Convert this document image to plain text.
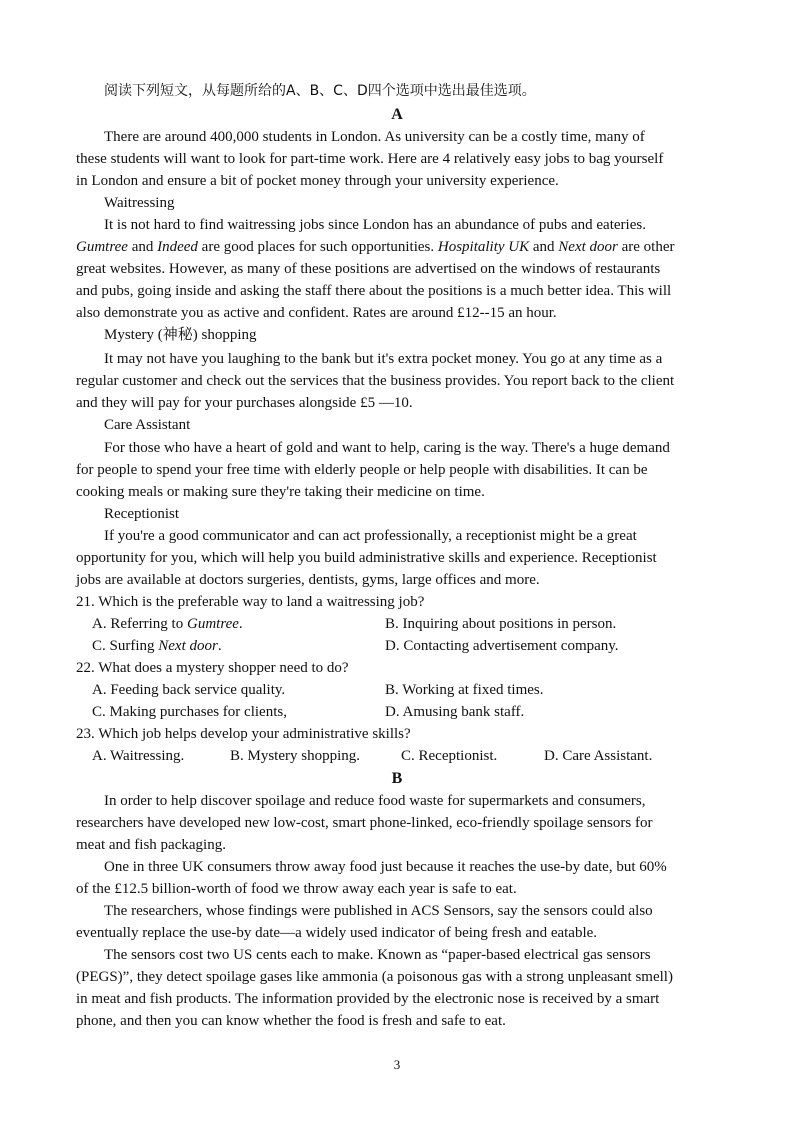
阅读下列短文，从每题所给的A、B、C、D四个选项中选出最佳选项。
A
There are around 400,000 students in London. As university can be a costly time, many of
these students will want to look for part-time work. Here are 4 relatively easy jobs to bag yourself
in London and ensure a bit of pocket money through your university experience.
Waitressing
It is not hard to find waitressing jobs since London has an abundance of pubs and eateries.
Gumtree and Indeed are good places for such opportunities. Hospitality UK and Next door are other
great websites. However, as many of these positions are advertised on the windows of restaurants
and pubs, going inside and asking the staff there about the positions is a much better idea. This will
also demonstrate you as active and confident. Rates are around £12--15 an hour.
Mystery (神秘) shopping
It may not have you laughing to the bank but it's extra pocket money. You go at any time as a
regular customer and check out the services that the business provides. You report back to the client
and they will pay for your purchases alongside £5 —10.
Care Assistant
For those who have a heart of gold and want to help, caring is the way. There's a huge demand
for people to spend your free time with elderly people or help people with disabilities. It can be
cooking meals or making sure they're taking their medicine on time.
Receptionist
If you're a good communicator and can act professionally, a receptionist might be a great
opportunity for you, which will help you build administrative skills and experience. Receptionist
jobs are available at doctors surgeries, dentists, gyms, large offices and more.
21. Which is the preferable way to land a waitressing job?
A. Referring to Gumtree.	B. Inquiring about positions in person.
C. Surfing Next door.	D. Contacting advertisement company.
22. What does a mystery shopper need to do?
A. Feeding back service quality.	B. Working at fixed times.
C. Making purchases for clients,	D. Amusing bank staff.
23. Which job helps develop your administrative skills?
A. Waitressing.	B. Mystery shopping.	C. Receptionist.	D. Care Assistant.
B
In order to help discover spoilage and reduce food waste for supermarkets and consumers,
researchers have developed new low-cost, smart phone-linked, eco-friendly spoilage sensors for
meat and fish packaging.
One in three UK consumers throw away food just because it reaches the use-by date, but 60%
of the £12.5 billion-worth of food we throw away each year is safe to eat.
The researchers, whose findings were published in ACS Sensors, say the sensors could also
eventually replace the use-by date—a widely used indicator of being fresh and eatable.
The sensors cost two US cents each to make. Known as “paper-based electrical gas sensors
(PEGS)”, they detect spoilage gases like ammonia (a poisonous gas with a strong unpleasant smell)
in meat and fish products. The information provided by the electronic nose is received by a smart
phone, and then you can know whether the food is fresh and safe to eat.
3
